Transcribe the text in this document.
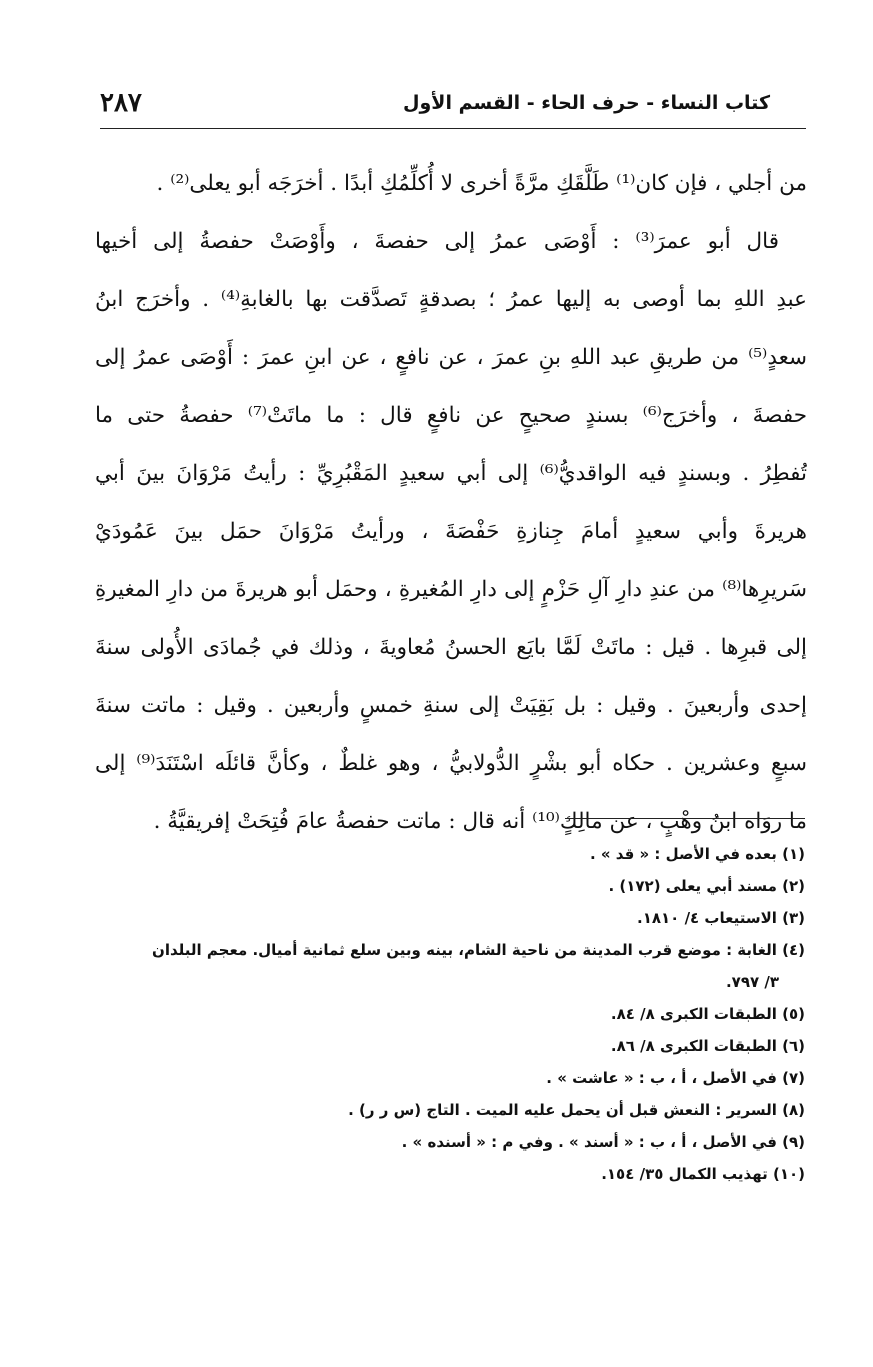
كتاب النساء - حرف الحاء - القسم الأول
٢٨٧
من أجلي ، فإن كان⁽¹⁾ طَلَّقَكِ مرَّةً أخرى لا أُكلِّمُكِ أبدًا . أخرَجَه أبو يعلى⁽²⁾ .
قال أبو عمرَ⁽³⁾ : أَوْصَى عمرُ إلى حفصةَ ، وأَوْصَتْ حفصةُ إلى أخيها
عبدِ اللهِ بما أوصى به إليها عمرُ ؛ بصدقةٍ تَصدَّقت بها بالغابةِ⁽⁴⁾ . وأخرَج ابنُ
سعدٍ⁽⁵⁾ من طريقِ عبد اللهِ بنِ عمرَ ، عن نافعٍ ، عن ابنِ عمرَ : أَوْصَى عمرُ إلى
حفصةَ ، وأخرَج⁽⁶⁾ بسندٍ صحيحٍ عن نافعٍ قال : ما ماتَتْ⁽⁷⁾ حفصةُ حتى ما
تُفطِرُ . وبسندٍ فيه الواقديُّ⁽⁶⁾ إلى أبي سعيدٍ المَقْبُرِيِّ : رأيتُ مَرْوَانَ بينَ أبي
هريرةَ وأبي سعيدٍ أمامَ جِنازةِ حَفْصَةَ ، ورأيتُ مَرْوَانَ حمَل بينَ عَمُودَيْ
سَريرِها⁽⁸⁾ من عندِ دارِ آلِ حَزْمٍ إلى دارِ المُغيرةِ ، وحمَل أبو هريرةَ من دارِ المغيرةِ
إلى قبرِها . قيل : ماتَتْ لَمَّا بايَع الحسنُ مُعاويةَ ، وذلك في جُمادَى الأُولى سنةَ
إحدى وأربعينَ . وقيل : بل بَقِيَتْ إلى سنةِ خمسٍ وأربعين . وقيل : ماتت سنةَ
سبعٍ وعشرين . حكاه أبو بشْرٍ الدُّولابيُّ ، وهو غلطٌ ، وكأنَّ قائلَه اسْتَنَدَ⁽⁹⁾ إلى
ما روَاه ابنُ وهْبٍ ، عن مالِكٍ⁽¹⁰⁾ أنه قال : ماتت حفصةُ عامَ فُتِحَتْ إفريقيَّةُ .
(١) بعده في الأصل : « قد » .
(٢) مسند أبي يعلى (١٧٢) .
(٣) الاستيعاب ٤/ ١٨١٠.
(٤) الغابة : موضع قرب المدينة من ناحية الشام، بينه وبين سلع ثمانية أميال. معجم البلدان
٣/ ٧٩٧.
(٥) الطبقات الكبرى ٨/ ٨٤.
(٦) الطبقات الكبرى ٨/ ٨٦.
(٧) في الأصل ، أ ، ب : « عاشت » .
(٨) السرير : النعش قبل أن يحمل عليه الميت . التاج (س ر ر) .
(٩) في الأصل ، أ ، ب : « أسند » . وفي م : « أسنده » .
(١٠) تهذيب الكمال ٣٥/ ١٥٤.
